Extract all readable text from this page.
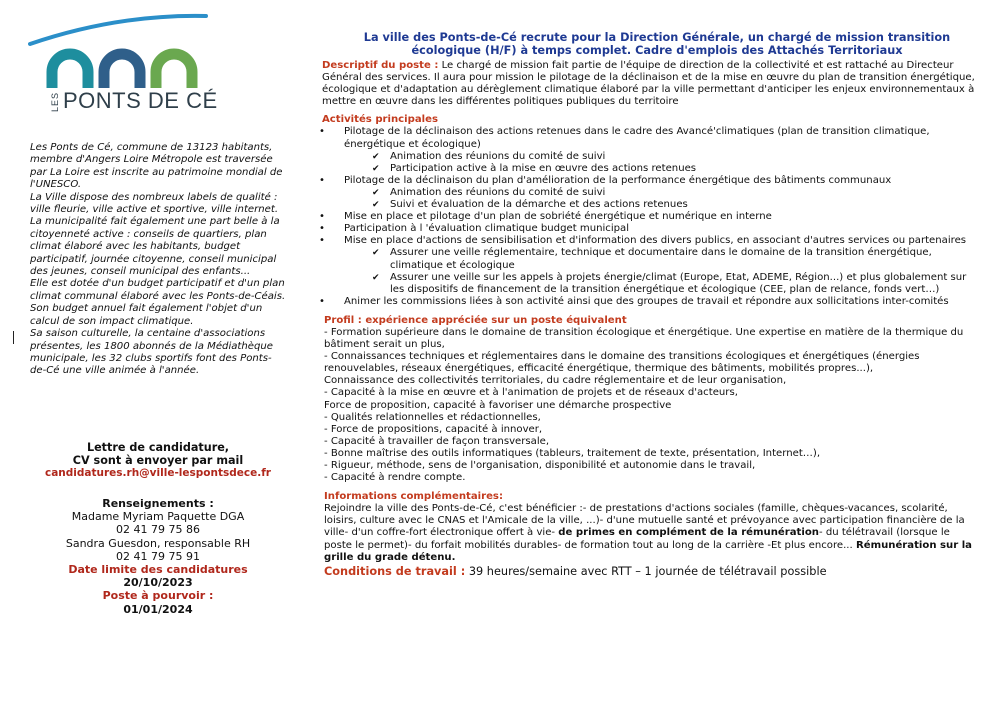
LES PONTS DE CÉ

Les Ponts de Cé, commune de 13123 habitants, membre d'Angers Loire Métropole est traversée par La Loire est inscrite au patrimoine mondial de l'UNESCO.
La Ville dispose des nombreux labels de qualité : ville fleurie, ville active et sportive, ville internet.
La municipalité fait également une part belle à la citoyenneté active : conseils de quartiers, plan climat élaboré avec les habitants, budget participatif, journée citoyenne, conseil municipal des jeunes, conseil municipal des enfants...
Elle est dotée d'un budget participatif et d'un plan climat communal élaboré avec les Ponts-de-Céais. Son budget annuel fait également l'objet d'un calcul de son impact climatique.
Sa saison culturelle, la centaine d'associations présentes, les 1800 abonnés de la Médiathèque municipale, les 32 clubs sportifs font des Ponts-de-Cé une ville animée à l'année.

Lettre de candidature,
CV sont à envoyer par mail
candidatures.rh@ville-lespontsdece.fr
Renseignements :
Madame Myriam Paquette DGA
02 41 79 75 86
Sandra Guesdon, responsable RH
02 41 79 75 91
Date limite des candidatures
20/10/2023
Poste à pourvoir :
01/01/2024

La ville des Ponts-de-Cé recrute pour la Direction Générale, un chargé de mission transition écologique (H/F) à temps complet. Cadre d'emplois des Attachés Territoriaux

Descriptif du poste : Le chargé de mission fait partie de l'équipe de direction de la collectivité et est rattaché au Directeur Général des services. Il aura pour mission le pilotage de la déclinaison et de la mise en œuvre du plan de transition énergétique, écologique et d'adaptation au dérèglement climatique élaboré par la ville permettant d'anticiper les enjeux environnementaux à mettre en œuvre dans les différentes politiques publiques du territoire

Activités principales
• Pilotage de la déclinaison des actions retenues dans le cadre des Avancé'climatiques (plan de transition climatique, énergétique et écologique)
✔ Animation des réunions du comité de suivi
✔ Participation active à la mise en œuvre des actions retenues
• Pilotage de la déclinaison du plan d'amélioration de la performance énergétique des bâtiments communaux
✔ Animation des réunions du comité de suivi
✔ Suivi et évaluation de la démarche et des actions retenues
• Mise en place et pilotage d'un plan de sobriété énergétique et numérique en interne
• Participation à l 'évaluation climatique budget municipal
• Mise en place d'actions de sensibilisation et d'information des divers publics, en associant d'autres services ou partenaires
✔ Assurer une veille réglementaire, technique et documentaire dans le domaine de la transition énergétique, climatique et écologique
✔ Assurer une veille sur les appels à projets énergie/climat (Europe, Etat, ADEME, Région...) et plus globalement sur les dispositifs de financement de la transition énergétique et écologique (CEE, plan de relance, fonds vert…)
• Animer les commissions liées à son activité ainsi que des groupes de travail et répondre aux sollicitations inter-comités
Profil : expérience appréciée sur un poste équivalent

- Formation supérieure dans le domaine de transition écologique et énergétique. Une expertise en matière de la thermique du bâtiment serait un plus,

- Connaissances techniques et réglementaires dans le domaine des transitions écologiques et énergétiques (énergies renouvelables, réseaux énergétiques, efficacité énergétique, thermique des bâtiments, mobilités propres...),

Connaissance des collectivités territoriales, du cadre réglementaire et de leur organisation,

- Capacité à la mise en œuvre et à l'animation de projets et de réseaux d'acteurs,

Force de proposition, capacité à favoriser une démarche prospective

- Qualités relationnelles et rédactionnelles,

- Force de propositions, capacité à innover,

- Capacité à travailler de façon transversale,

- Bonne maîtrise des outils informatiques (tableurs, traitement de texte, présentation, Internet…),

- Rigueur, méthode, sens de l'organisation, disponibilité et autonomie dans le travail,

- Capacité à rendre compte.

Informations complémentaires:

Rejoindre la ville des Ponts-de-Cé, c'est bénéficier :- de prestations d'actions sociales (famille, chèques-vacances, scolarité, loisirs, culture avec le CNAS et l'Amicale de la ville, ...)- d'une mutuelle santé et prévoyance avec participation financière de la ville- d'un coffre-fort électronique offert à vie- de primes en complément de la rémunération- du télétravail (lorsque le poste le permet)- du forfait mobilités durables- de formation tout au long de la carrière -Et plus encore... Rémunération sur la grille du grade détenu.

Conditions de travail : 39 heures/semaine avec RTT – 1 journée de télétravail possible
